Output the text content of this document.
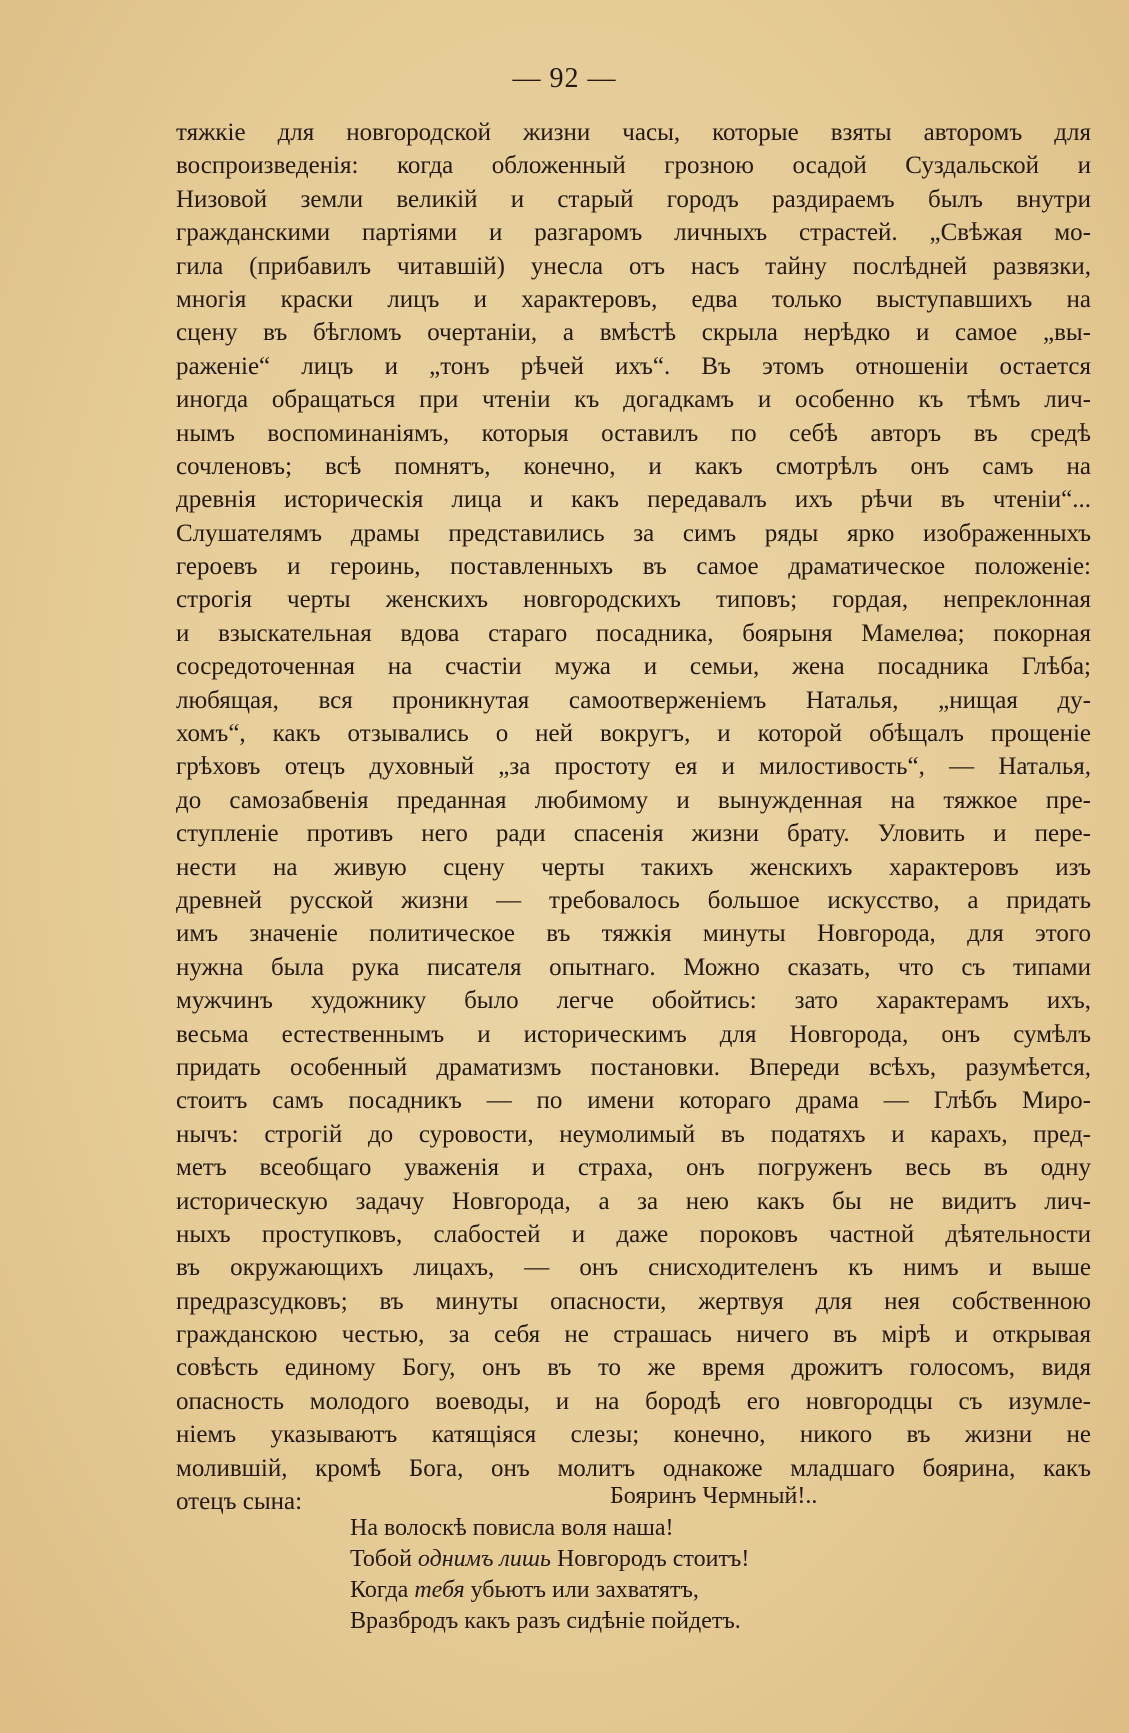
— 92 —
тяжкіе для новгородской жизни часы, которые взяты авторомъ для
воспроизведенія: когда обложенный грозною осадой Суздальской и
Низовой земли великій и старый городъ раздираемъ былъ внутри
гражданскими партіями и разгаромъ личныхъ страстей. „Свѣжая мо-
гила (прибавилъ читавшій) унесла отъ насъ тайну послѣдней развязки,
многія краски лицъ и характеровъ, едва только выступавшихъ на
сцену въ бѣгломъ очертаніи, а вмѣстѣ скрыла нерѣдко и самое „вы-
раженіе“ лицъ и „тонъ рѣчей ихъ“. Въ этомъ отношеніи остается
иногда обращаться при чтеніи къ догадкамъ и особенно къ тѣмъ лич-
нымъ воспоминаніямъ, которыя оставилъ по себѣ авторъ въ средѣ
сочленовъ; всѣ помнятъ, конечно, и какъ смотрѣлъ онъ самъ на
древнія историческія лица и какъ передавалъ ихъ рѣчи въ чтеніи“...
Слушателямъ драмы представились за симъ ряды ярко изображенныхъ
героевъ и героинь, поставленныхъ въ самое драматическое положеніе:
строгія черты женскихъ новгородскихъ типовъ; гордая, непреклонная
и взыскательная вдова стараго посадника, боярыня Мамелѳа; покорная
сосредоточенная на счастіи мужа и семьи, жена посадника Глѣба;
любящая, вся проникнутая самоотверженіемъ Наталья, „нищая ду-
хомъ“, какъ отзывались о ней вокругъ, и которой обѣщалъ прощеніе
грѣховъ отецъ духовный „за простоту ея и милостивость“, — Наталья,
до самозабвенія преданная любимому и вынужденная на тяжкое пре-
ступленіе противъ него ради спасенія жизни брату. Уловить и пере-
нести на живую сцену черты такихъ женскихъ характеровъ изъ
древней русской жизни — требовалось большое искусство, а придать
имъ значеніе политическое въ тяжкія минуты Новгорода, для этого
нужна была рука писателя опытнаго. Можно сказать, что съ типами
мужчинъ художнику было легче обойтись: зато характерамъ ихъ,
весьма естественнымъ и историческимъ для Новгорода, онъ сумѣлъ
придать особенный драматизмъ постановки. Впереди всѣхъ, разумѣется,
стоитъ самъ посадникъ — по имени котораго драма — Глѣбъ Миро-
нычъ: строгій до суровости, неумолимый въ податяхъ и карахъ, пред-
метъ всеобщаго уваженія и страха, онъ погруженъ весь въ одну
историческую задачу Новгорода, а за нею какъ бы не видитъ лич-
ныхъ проступковъ, слабостей и даже пороковъ частной дѣятельности
въ окружающихъ лицахъ, — онъ снисходителенъ къ нимъ и выше
предразсудковъ; въ минуты опасности, жертвуя для нея собственною
гражданскою честью, за себя не страшась ничего въ мірѣ и открывая
совѣсть единому Богу, онъ въ то же время дрожитъ голосомъ, видя
опасность молодого воеводы, и на бородѣ его новгородцы съ изумле-
ніемъ указываютъ катящіяся слезы; конечно, никого въ жизни не
молившій, кромѣ Бога, онъ молитъ однакоже младшаго боярина, какъ
отецъ сына:	Бояринъ Чермный!..
На волоскѣ повисла воля наша!
Тобой однимъ лишь Новгородъ стоитъ!
Когда тебя убьютъ или захватятъ,
Вразбродъ какъ разъ сидѣніе пойдетъ.
